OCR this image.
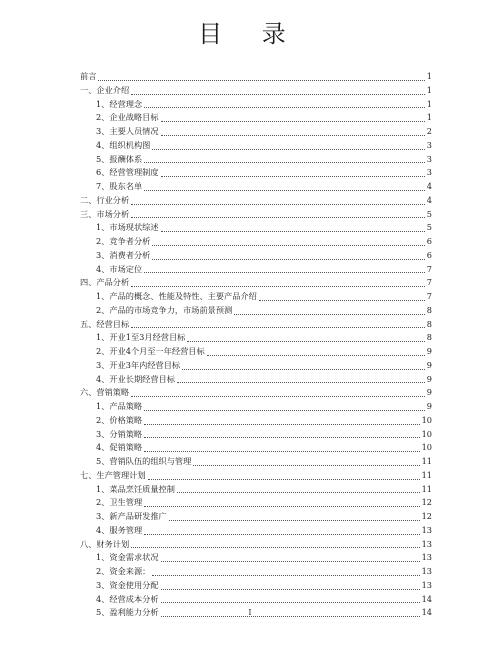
目 录
前言	1
一、企业介绍	1
1、经营理念	1
2、企业战略目标	1
3、主要人员情况	2
4、组织机构图	3
5、报酬体系	3
6、经营管理制度	3
7、股东名单	4
二、行业分析	4
三、市场分析	5
1、市场现状综述	5
2、竞争者分析	6
3、消费者分析	6
4、市场定位	7
四、产品分析	7
1、产品的概念、性能及特性、主要产品介绍	7
2、产品的市场竞争力，市场前景预测	8
五、经营目标	8
1、开业1至3月经营目标	8
2、开业4个月至一年经营目标	9
3、开业3年内经营目标	9
4、开业长期经营目标	9
六、营销策略	9
1、产品策略	9
2、价格策略	10
3、分销策略	10
4、促销策略	10
5、营销队伍的组织与管理	11
七、生产管理计划	11
1、菜品烹饪质量控制	11
2、卫生管理	12
3、新产品研发推广	12
4、服务管理	13
八、财务计划	13
1、资金需求状况	13
2、资金来源：	13
3、资金使用分配	13
4、经营成本分析	14
5、盈利能力分析	14
I
